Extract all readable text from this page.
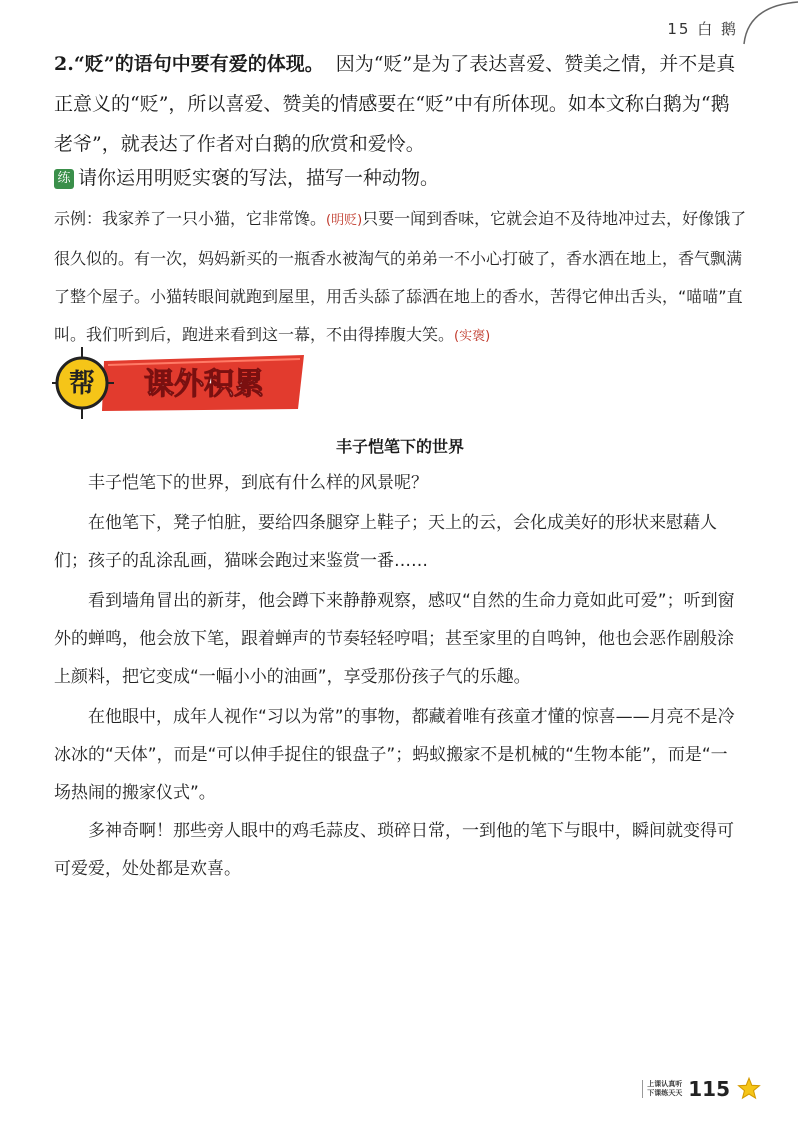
15 白 鹅

2.“贬”的语句中要有爱的体现。 因为“贬”是为了表达喜爱、赞美之情，并不是真正意义的“贬”，所以喜爱、赞美的情感要在“贬”中有所体现。如本文称白鹅为“鹅老爷”，就表达了作者对白鹅的欣赏和爱怜。

练 请你运用明贬实褒的写法，描写一种动物。

示例：我家养了一只小猫，它非常馋。(明贬)只要一闻到香味，它就会迫不及待地冲过去，好像饿了很久似的。有一次，妈妈新买的一瓶香水被淘气的弟弟一不小心打破了，香水洒在地上，香气飘满了整个屋子。小猫转眼间就跑到屋里，用舌头舔了舔洒在地上的香水，苦得它伸出舌头，“喵喵”直叫。我们听到后，跑进来看到这一幕，不由得捧腹大笑。(实褒)

帮 课外积累
丰子恺笔下的世界

丰子恺笔下的世界，到底有什么样的风景呢？

在他笔下，凳子怕脏，要给四条腿穿上鞋子；天上的云，会化成美好的形状来慰藉人们；孩子的乱涂乱画，猫咪会跑过来鉴赏一番……

看到墙角冒出的新芽，他会蹲下来静静观察，感叹“自然的生命力竟如此可爱”；听到窗外的蝉鸣，他会放下笔，跟着蝉声的节奏轻轻哼唱；甚至家里的自鸣钟，他也会恶作剧般涂上颜料，把它变成“一幅小小的油画”，享受那份孩子气的乐趣。

在他眼中，成年人视作“习以为常”的事物，都藏着唯有孩童才懂的惊喜——月亮不是冷冰冰的“天体”，而是“可以伸手捉住的银盘子”；蚂蚁搬家不是机械的“生物本能”，而是“一场热闹的搬家仪式”。

多神奇啊！那些旁人眼中的鸡毛蒜皮、琐碎日常，一到他的笔下与眼中，瞬间就变得可可爱爱，处处都是欢喜。

上课认真听
下课练天天 115
